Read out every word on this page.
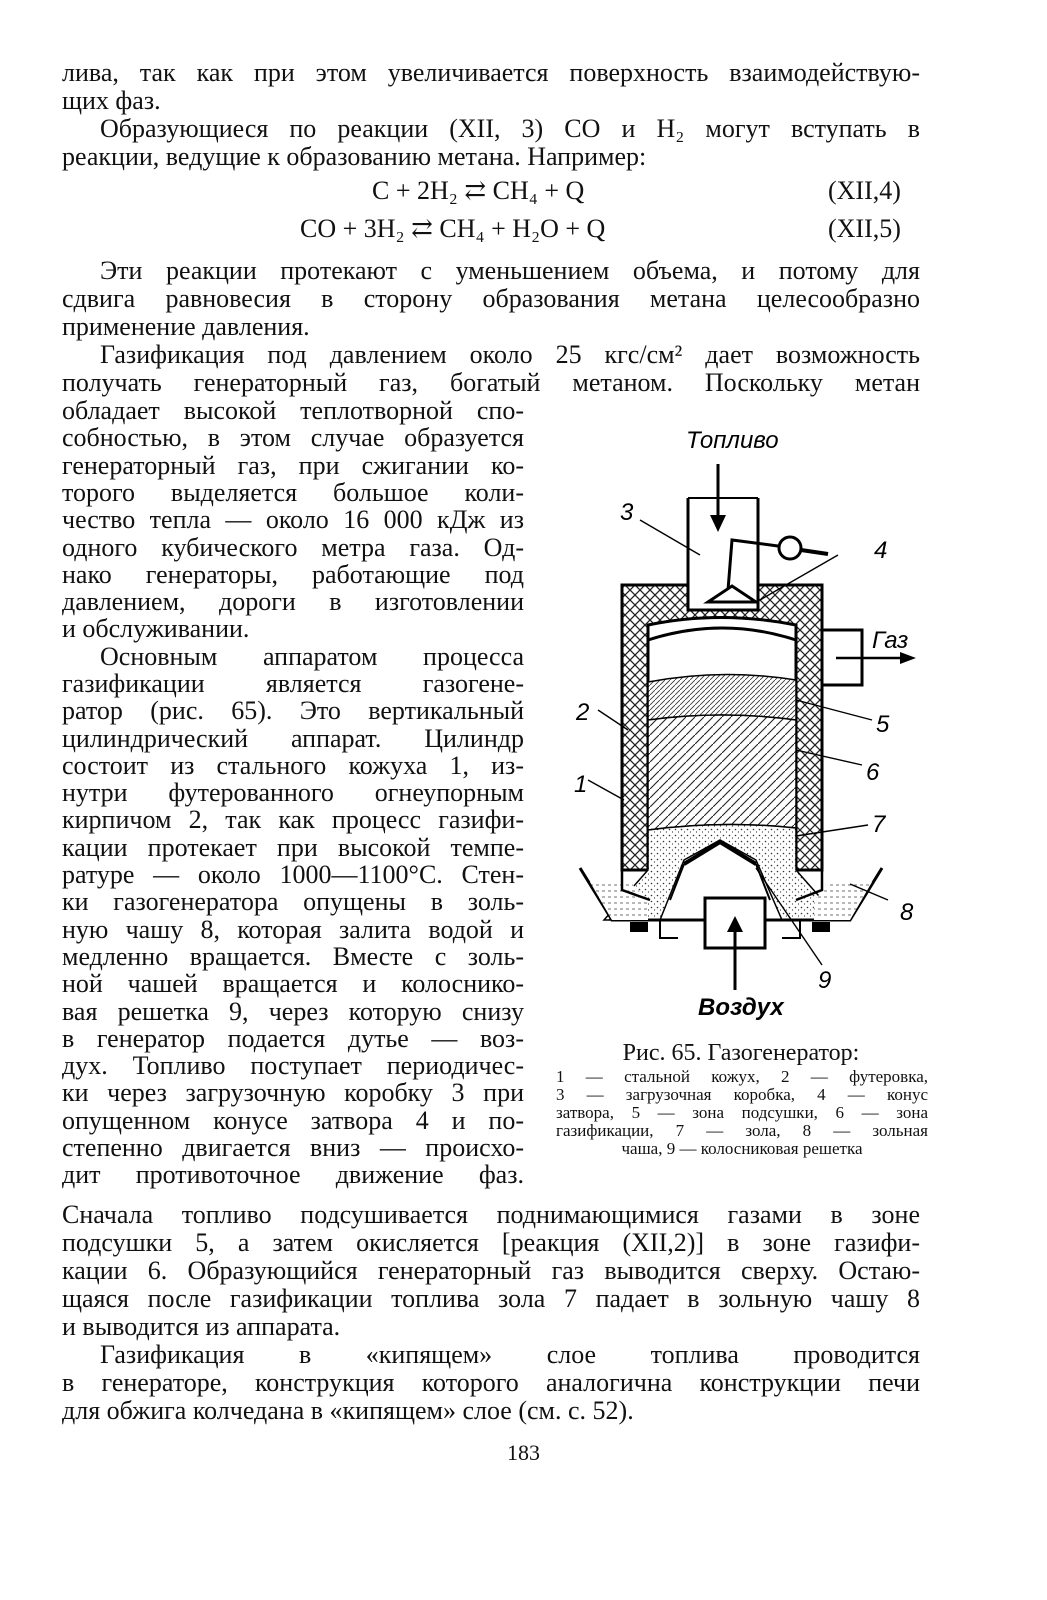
лива, так как при этом увеличивается поверхность взаимодействую-
щих фаз.
Образующиеся по реакции (XII, 3) CO и H₂ могут вступать в
реакции, ведущие к образованию метана. Например:
C + 2H₂ ⇄ CH₄ + Q	(XII,4)
CO + 3H₂ ⇄ CH₄ + H₂O + Q	(XII,5)
Эти реакции протекают с уменьшением объема, и потому для
сдвига равновесия в сторону образования метана целесообразно
применение давления.
Газификация под давлением около 25 кгс/см² дает возможность
получать генераторный газ, богатый метаном. Поскольку метан
Топливо
Газ
Воздух
3
4
2
1
5
6
7
8
9
Рис. 65. Газогенератор:
1 — стальной кожух, 2 — футеровка,
3 — загрузочная коробка, 4 — конус
затвора, 5 — зона подсушки, 6 — зона
газификации, 7 — зола, 8 — зольная
чаша, 9 — колосниковая решетка
183
обладает высокой теплотворной спо-
собностью, в этом случае образуется
генераторный газ, при сжигании ко-
торого выделяется большое коли-
чество тепла — около 16 000 кДж из
одного кубического метра газа. Од-
нако генераторы, работающие под
давлением, дороги в изготовлении
и обслуживании.
Основным аппаратом процесса
газификации является газогене-
ратор (рис. 65). Это вертикальный
цилиндрический аппарат. Цилиндр
состоит из стального кожуха 1, из-
нутри футерованного огнеупорным
кирпичом 2, так как процесс газифи-
кации протекает при высокой темпе-
ратуре — около 1000—1100°С. Стен-
ки газогенератора опущены в золь-
ную чашу 8, которая залита водой и
медленно вращается. Вместе с золь-
ной чашей вращается и колоснико-
вая решетка 9, через которую снизу
в генератор подается дутье — воз-
дух. Топливо поступает периодичес-
ки через загрузочную коробку 3 при
опущенном конусе затвора 4 и по-
степенно двигается вниз — происхо-
дит противоточное движение фаз.
Сначала топливо подсушивается поднимающимися газами в зоне
подсушки 5, а затем окисляется [реакция (XII,2)] в зоне газифи-
кации 6. Образующийся генераторный газ выводится сверху. Остаю-
щаяся после газификации топлива зола 7 падает в зольную чашу 8
и выводится из аппарата.
Газификация в «кипящем» слое топлива проводится
в генераторе, конструкция которого аналогична конструкции печи
для обжига колчедана в «кипящем» слое (см. с. 52).
